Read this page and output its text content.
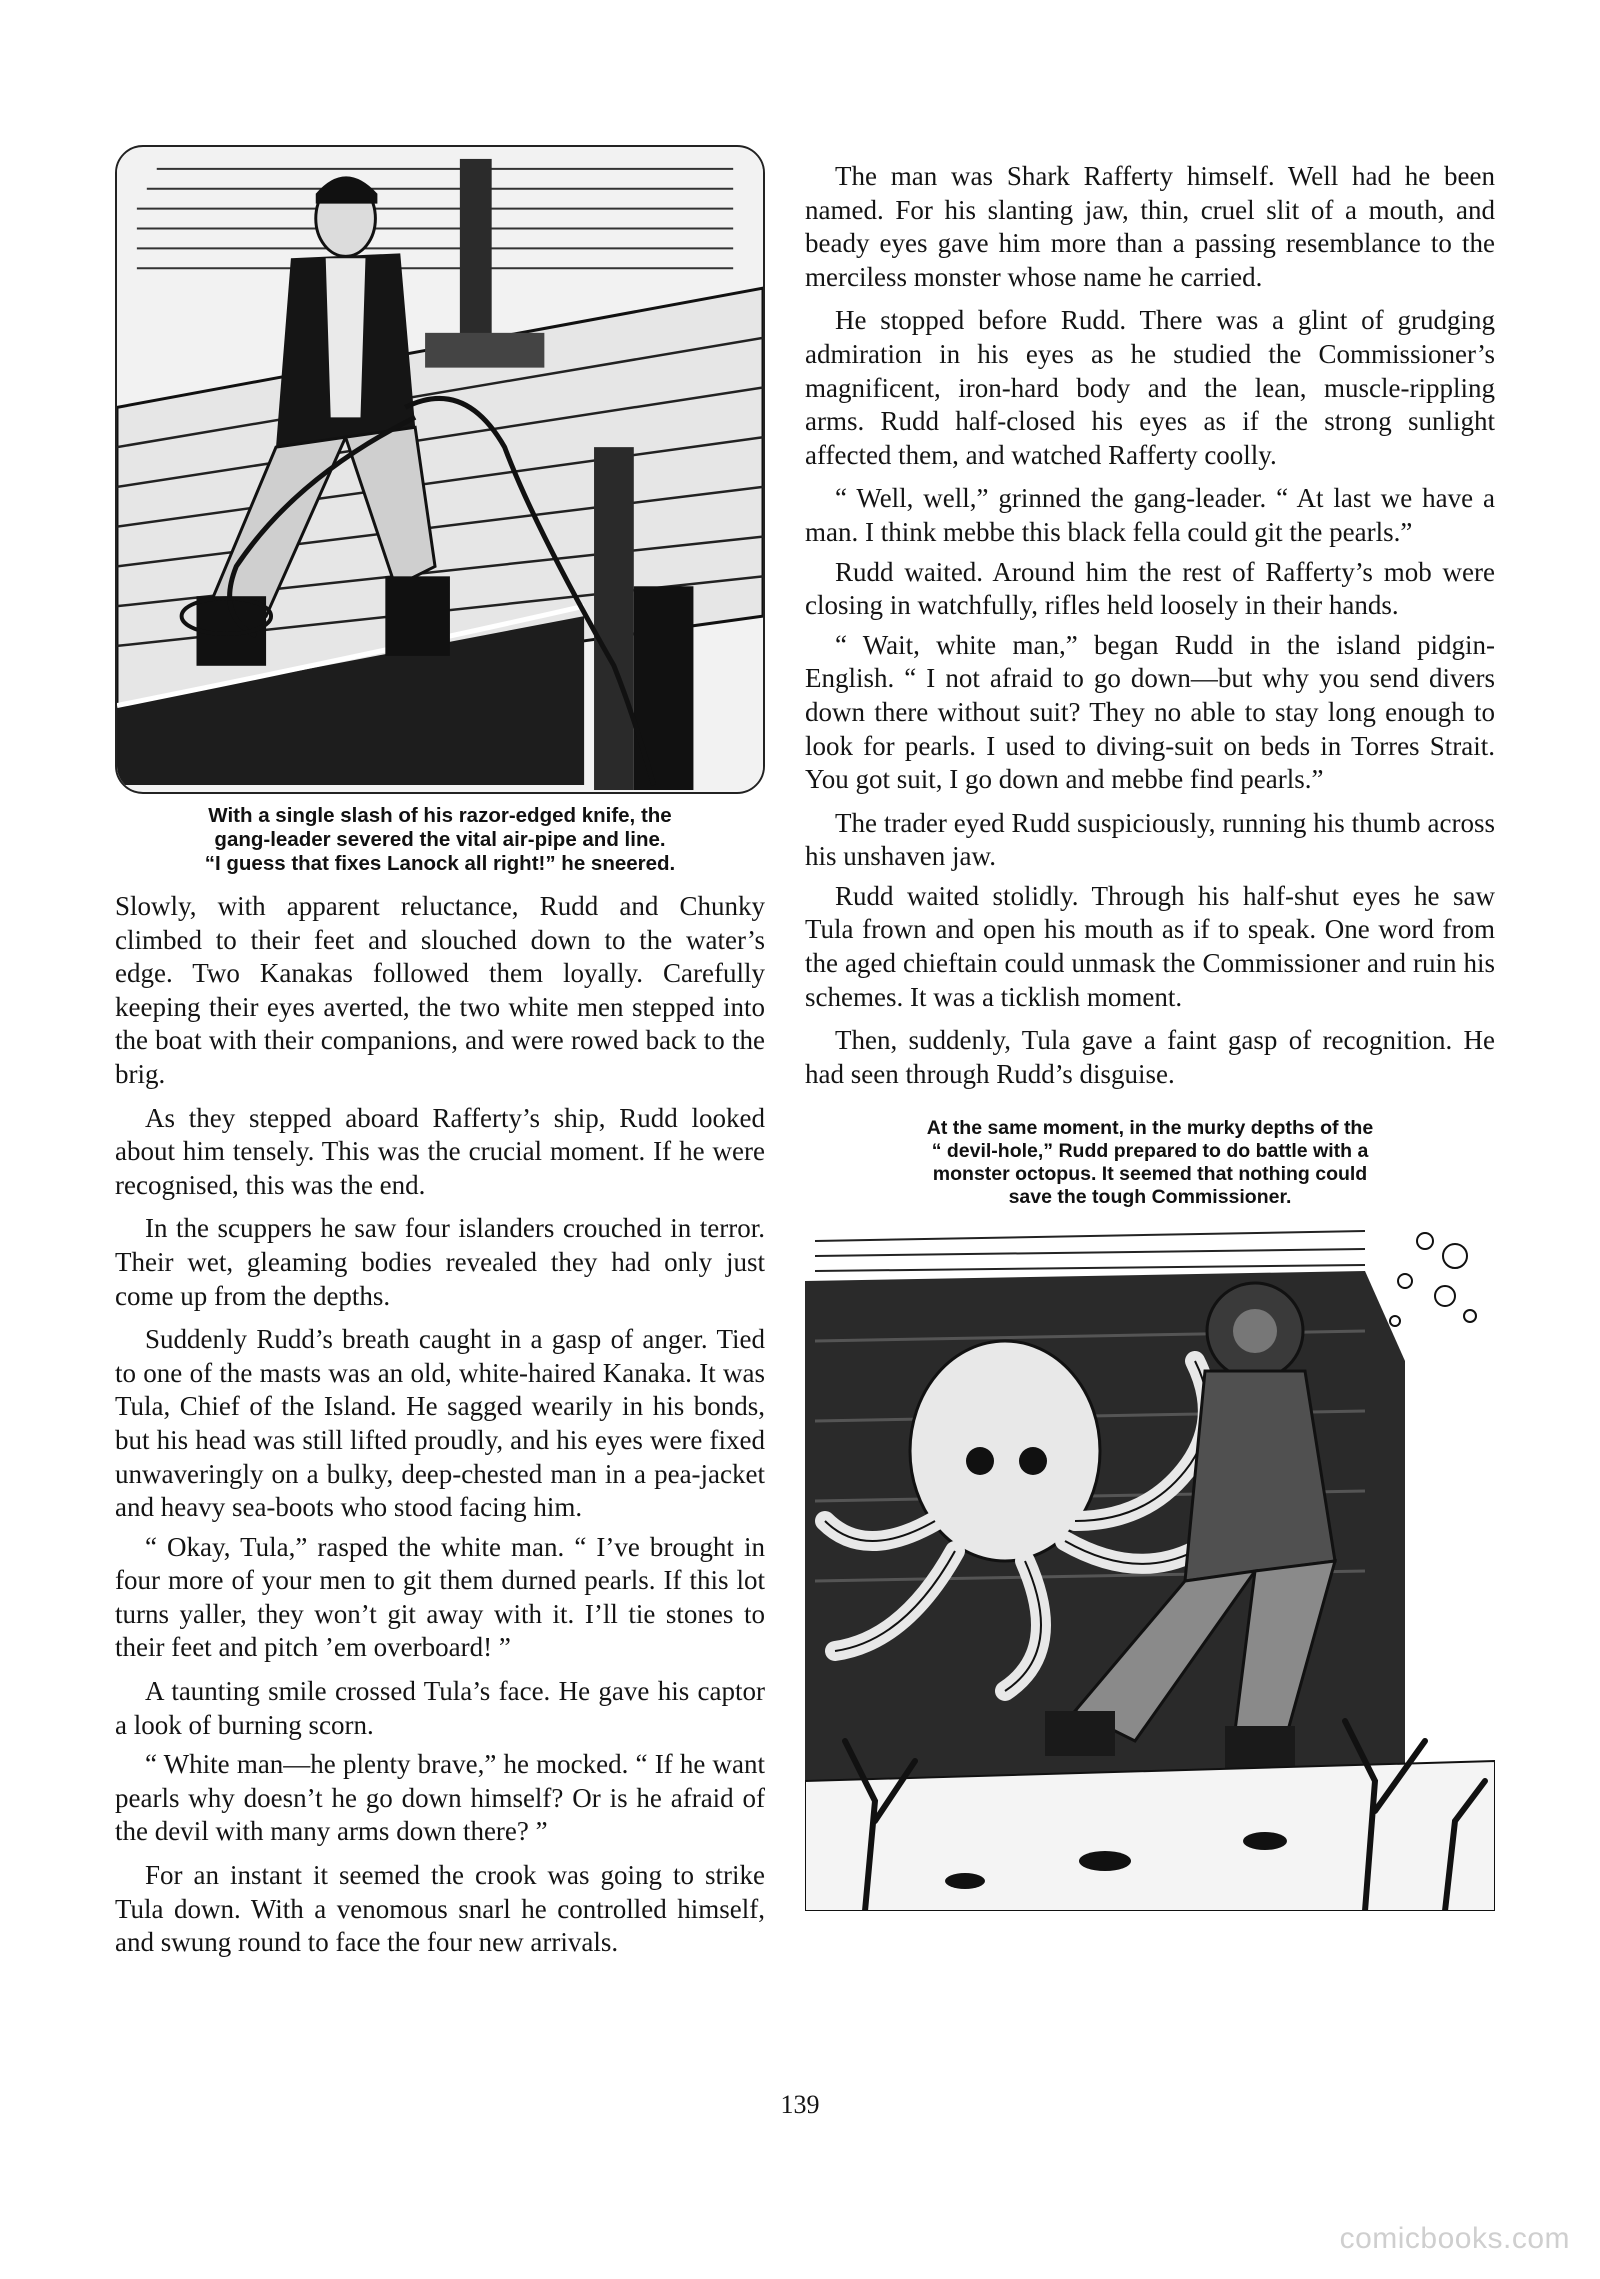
With a single slash of his razor-edged knife, the
gang-leader severed the vital air-pipe and line.
“I guess that fixes Lanock all right!” he sneered.

Slowly, with apparent reluctance, Rudd and Chunky climbed to their feet and slouched down to the water’s edge. Two Kanakas followed them loyally. Carefully keeping their eyes averted, the two white men stepped into the boat with their companions, and were rowed back to the brig.

As they stepped aboard Rafferty’s ship, Rudd looked about him tensely. This was the crucial moment. If he were recognised, this was the end.

In the scuppers he saw four islanders crouched in terror. Their wet, gleaming bodies revealed they had only just come up from the depths.

Suddenly Rudd’s breath caught in a gasp of anger. Tied to one of the masts was an old, white-haired Kanaka. It was Tula, Chief of the Island. He sagged wearily in his bonds, but his head was still lifted proudly, and his eyes were fixed unwaveringly on a bulky, deep-chested man in a pea-jacket and heavy sea-boots who stood facing him.

“ Okay, Tula,” rasped the white man. “ I’ve brought in four more of your men to git them durned pearls. If this lot turns yaller, they won’t git away with it. I’ll tie stones to their feet and pitch ’em overboard! ”

A taunting smile crossed Tula’s face. He gave his captor a look of burning scorn.

“ White man—he plenty brave,” he mocked. “ If he want pearls why doesn’t he go down himself? Or is he afraid of the devil with many arms down there? ”

For an instant it seemed the crook was going to strike Tula down. With a venomous snarl he controlled himself, and swung round to face the four new arrivals.

The man was Shark Rafferty himself. Well had he been named. For his slanting jaw, thin, cruel slit of a mouth, and beady eyes gave him more than a passing resemblance to the merciless monster whose name he carried.

He stopped before Rudd. There was a glint of grudging admiration in his eyes as he studied the Commissioner’s magnificent, iron-hard body and the lean, muscle-rippling arms. Rudd half-closed his eyes as if the strong sunlight affected them, and watched Rafferty coolly.

“ Well, well,” grinned the gang-leader. “ At last we have a man. I think mebbe this black fella could git the pearls.”

Rudd waited. Around him the rest of Rafferty’s mob were closing in watchfully, rifles held loosely in their hands.

“ Wait, white man,” began Rudd in the island pidgin-English. “ I not afraid to go down—but why you send divers down there without suit? They no able to stay long enough to look for pearls. I used to diving-suit on beds in Torres Strait. You got suit, I go down and mebbe find pearls.”

The trader eyed Rudd suspiciously, running his thumb across his unshaven jaw.

Rudd waited stolidly. Through his half-shut eyes he saw Tula frown and open his mouth as if to speak. One word from the aged chieftain could unmask the Commissioner and ruin his schemes. It was a ticklish moment.

Then, suddenly, Tula gave a faint gasp of recognition. He had seen through Rudd’s disguise.

At the same moment, in the murky depths of the
“ devil-hole,” Rudd prepared to do battle with a
monster octopus. It seemed that nothing could
save the tough Commissioner.
139
comicbooks.com
